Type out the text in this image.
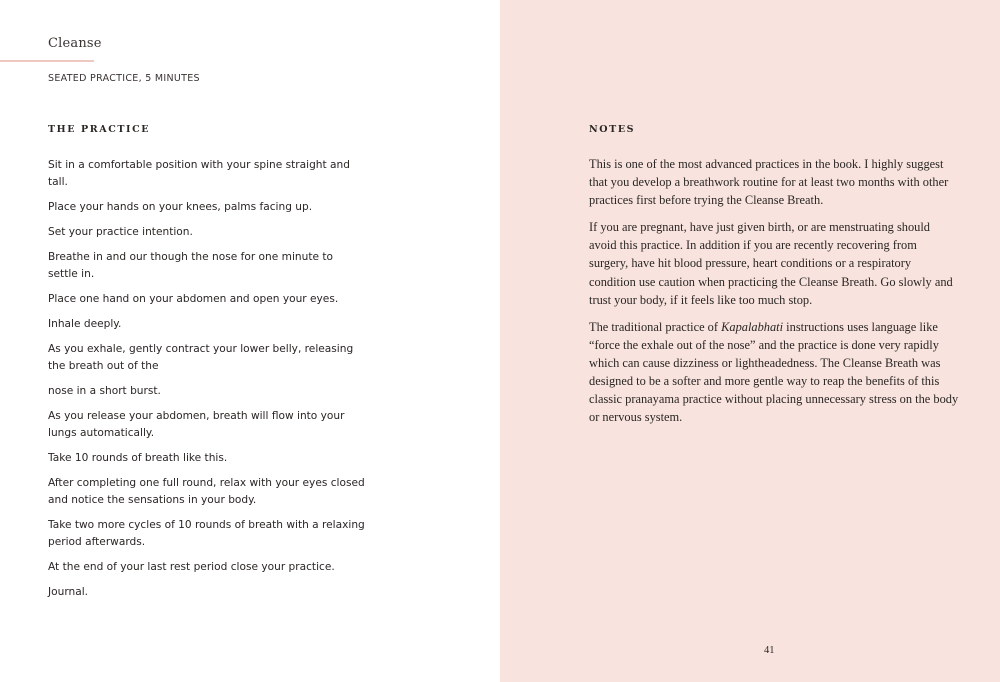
Cleanse
SEATED PRACTICE, 5 MINUTES
THE PRACTICE
Sit in a comfortable position with your spine straight and tall.
Place your hands on your knees, palms facing up.
Set your practice intention.
Breathe in and our though the nose for one minute to settle in.
Place one hand on your abdomen and open your eyes.
Inhale deeply.
As you exhale, gently contract your lower belly, releasing the breath out of the
nose in a short burst.
As you release your abdomen, breath will flow into your lungs automatically.
Take 10 rounds of breath like this.
After completing one full round, relax with your eyes closed and notice the sensations in your body.
Take two more cycles of 10 rounds of breath with a relaxing period afterwards.
At the end of your last rest period close your practice.
Journal.
NOTES

This is one of the most advanced practices in the book. I highly suggest that you develop a breathwork routine for at least two months with other practices first before trying the Cleanse Breath.

If you are pregnant, have just given birth, or are menstruating should avoid this practice. In addition if you are recently recovering from surgery, have hit blood pressure, heart conditions or a respiratory condition use caution when practicing the Cleanse Breath. Go slowly and trust your body, if it feels like too much stop.

The traditional practice of Kapalabhati instructions uses language like “force the exhale out of the nose” and the practice is done very rapidly which can cause dizziness or lightheadedness. The Cleanse Breath was designed to be a softer and more gentle way to reap the benefits of this classic pranayama practice without placing unnecessary stress on the body or nervous system.

41
